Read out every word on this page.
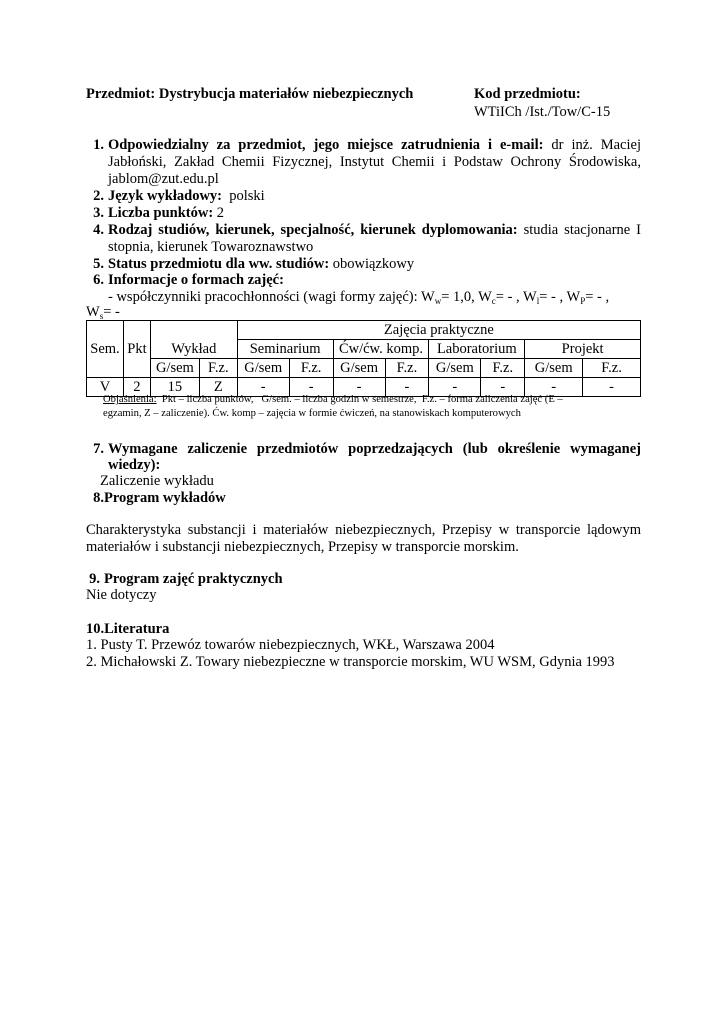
Przedmiot: Dystrybucja materiałów niebezpiecznych	Kod przedmiotu:
WTiICh /Ist./Tow/C-15
1. Odpowiedzialny za przedmiot, jego miejsce zatrudnienia i e-mail: dr inż. Maciej
Jabłoński, Zakład Chemii Fizycznej, Instytut Chemii i Podstaw Ochrony Środowiska,
jablom@zut.edu.pl
2. Język wykładowy: polski
3. Liczba punktów: 2
4. Rodzaj studiów, kierunek, specjalność, kierunek dyplomowania: studia stacjonarne I
stopnia, kierunek Towaroznawstwo
5. Status przedmiotu dla ww. studiów: obowiązkowy
6. Informacje o formach zajęć:
- współczynniki pracochłonności (wagi formy zajęć): $W_w= 1,0$, $W_c=$ - , $W_l=$ - , $W_P=$ - ,
$W_s=$ -
Sem.	Pkt	Wykład		Zajęcia praktyczne							
				Seminarium		Ćw/ćw. komp.		Laboratorium		Projekt	
		G/sem	F.z.	G/sem	F.z.	G/sem	F.z.	G/sem	F.z.	G/sem	F.z.
V	2	15	Z	-	-	-	-	-	-	-	-
Objaśnienia:  Pkt – liczba punktów,   G/sem. – liczba godzin w semestrze,  F.z. – forma zaliczenia zajęć (E –
egzamin, Z – zaliczenie). Ćw. komp – zajęcia w formie ćwiczeń, na stanowiskach komputerowych
7. Wymagane zaliczenie przedmiotów poprzedzających (lub określenie wymaganej
wiedzy):
Zaliczenie wykładu
8. Program wykładów
Charakterystyka substancji i materiałów niebezpiecznych, Przepisy w transporcie lądowym
materiałów i substancji niebezpiecznych, Przepisy w transporcie morskim.
9. Program zajęć praktycznych
Nie dotyczy
10.Literatura
1. Pusty T. Przewóz towarów niebezpiecznych, WKŁ, Warszawa 2004
2. Michałowski Z. Towary niebezpieczne w transporcie morskim, WU WSM, Gdynia 1993
